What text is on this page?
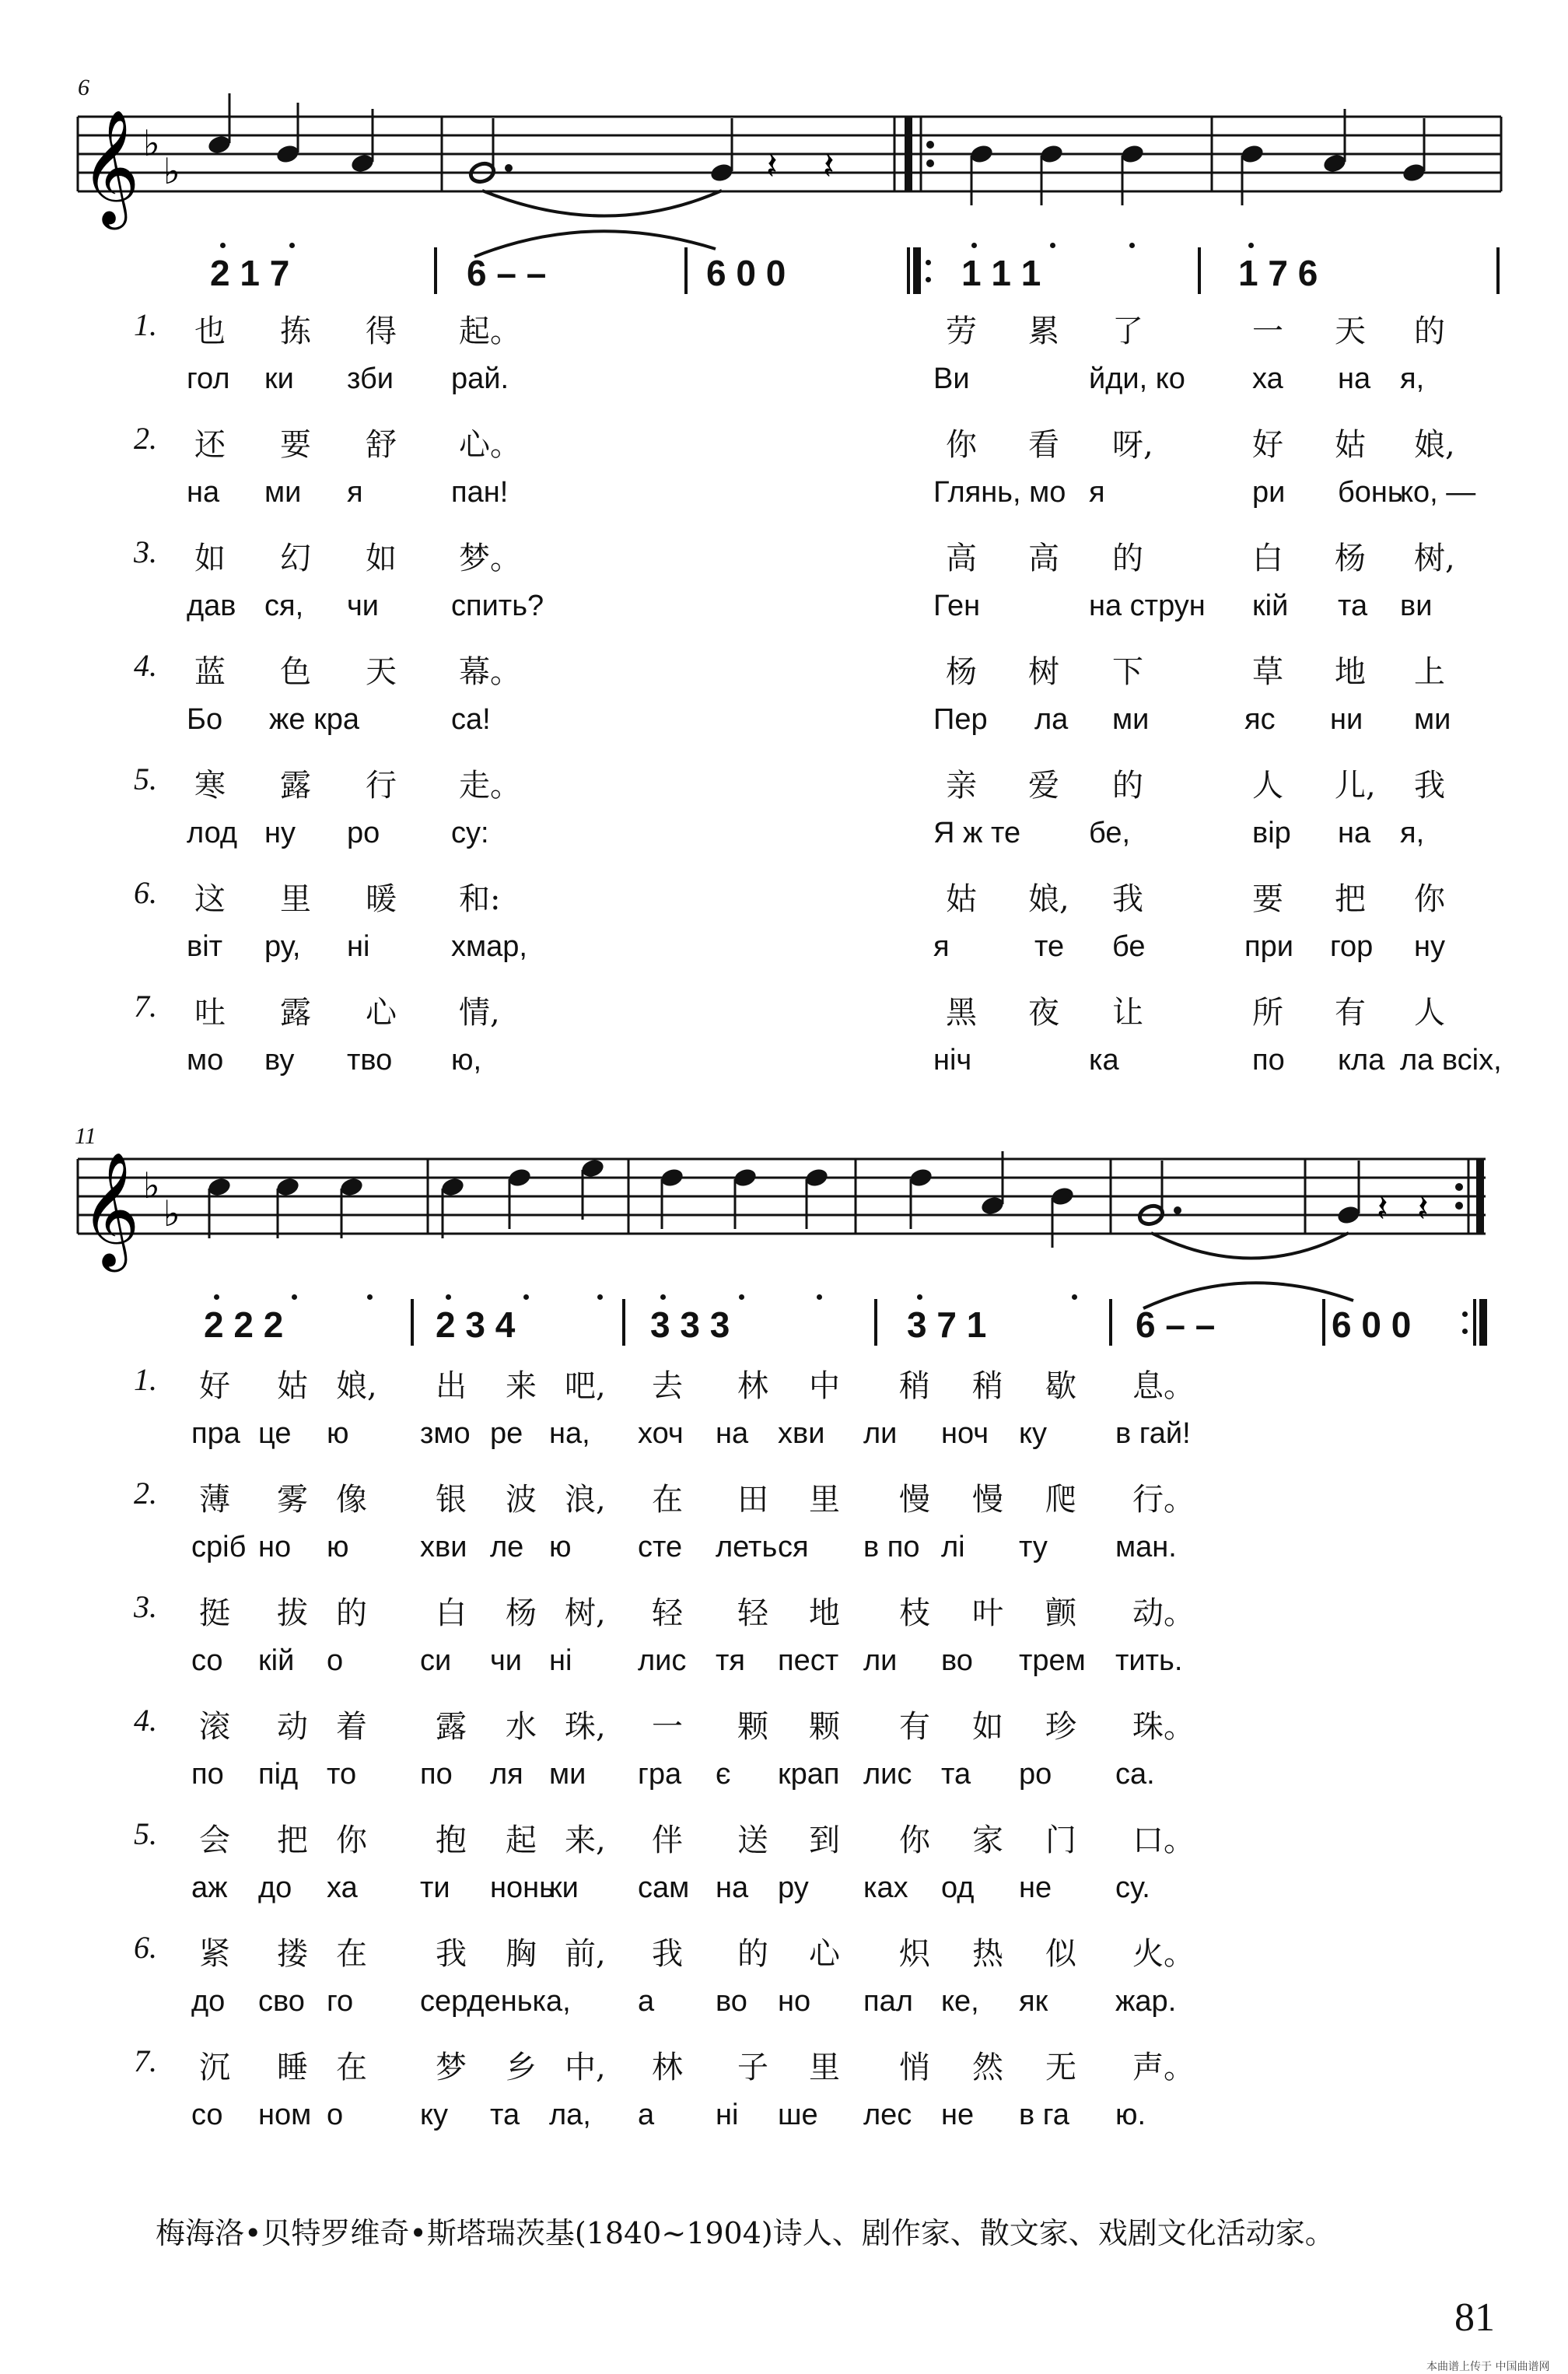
6
𝄞 ♭
♭	𝄽 𝄽
2 1 7	6 – –	6 0 0	1 1 1	1 7 6
1. 也 拣 得 起。	劳 累 了	一 天 的
гол ки зби рай.	Ви	йди, ко ха на я,
2. 还 要 舒 心。	你 看 呀,	好 姑 娘,
на ми я	пан!	Глянь, мо я	ри бонь
ко, —
3. 如 幻 如 梦。	高 高 的	白 杨 树,
дав ся, чи спить?	Ген	на струн кій та ви
4. 蓝 色 天 幕。	杨 树 下	草 地 上
Бо же кра	са!	Пер ла ми	яс ни ми
5. 寒 露 行 走。	亲 爱 的	人 儿, 我
лод ну ро су:	Я ж те бе,	вір на я,
6. 这 里 暖 和:	姑 娘, 我	要 把 你
віт ру, ні	хмар,	я	те бе	при гор ну
7. 吐 露 心 情,	黑 夜 让	所 有 人
мо ву тво ю,	ніч	ка	по кла ла всіх,
11
𝄞 ♭
♭	𝄽 𝄽
2 2 2	2 3 4	3 3 3	3 7 1	6 – –	6 0 0
1. 好 姑 娘, 出 来 吧, 去 林 中 稍 稍 歇 息。
пра це ю змо ре на, хоч на хви ли ноч ку в гай!
2. 薄 雾 像 银 波 浪, 在 田 里 慢 慢 爬 行。
сріб но ю хви ле ю сте леть ся в по лі ту ман.
3. 挺 拔 的 白 杨 树, 轻 轻 地 枝 叶 颤 动。
со кій о	си чи ні лис тя пест ли во трем тить.
4. 滚 动 着 露 水 珠, 一 颗 颗 有 如 珍 珠。
по під то по ля ми гра є крап лис та ро са.
5. 会 把 你 抱 起 来, 伴 送 到 你 家 门 口。
аж до ха ти нонь
ки сам на ру ках од не су.
6. 紧 搂 在 我 胸 前, 我 的 心 炽 热 似 火。
до сво го серденька, а во но пал ке, як жар.
7. 沉 睡 在 梦 乡 中, 林 子 里 悄 然 无 声。
со ном о	ку та ла, а ні ше лес не в га ю.
梅海洛•贝特罗维奇•斯塔瑞茨基(1840~1904)诗人、剧作家、散文家、戏剧文化活动家。
81
本曲谱上传于 中国曲谱网
